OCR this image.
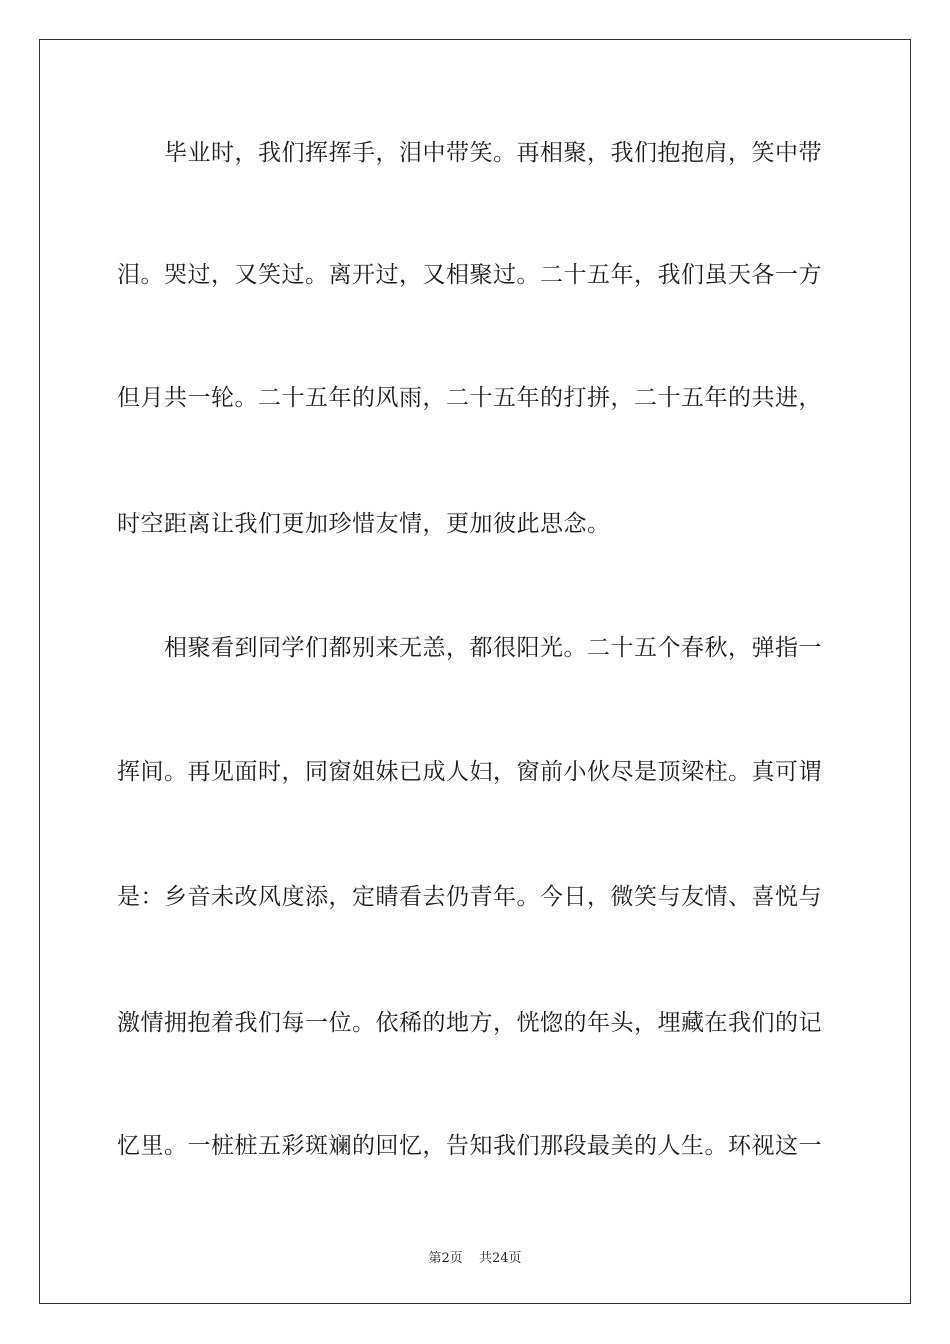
毕业时，我们挥挥手，泪中带笑。再相聚，我们抱抱肩，笑中带
泪。哭过，又笑过。离开过，又相聚过。二十五年，我们虽天各一方
但月共一轮。二十五年的风雨，二十五年的打拼，二十五年的共进，
时空距离让我们更加珍惜友情，更加彼此思念。
相聚看到同学们都别来无恙，都很阳光。二十五个春秋，弹指一
挥间。再见面时，同窗姐妹已成人妇，窗前小伙尽是顶梁柱。真可谓
是：乡音未改风度添，定睛看去仍青年。今日，微笑与友情、喜悦与
激情拥抱着我们每一位。依稀的地方，恍惚的年头，埋藏在我们的记
忆里。一桩桩五彩斑斓的回忆，告知我们那段最美的人生。环视这一
第2页 共24页
